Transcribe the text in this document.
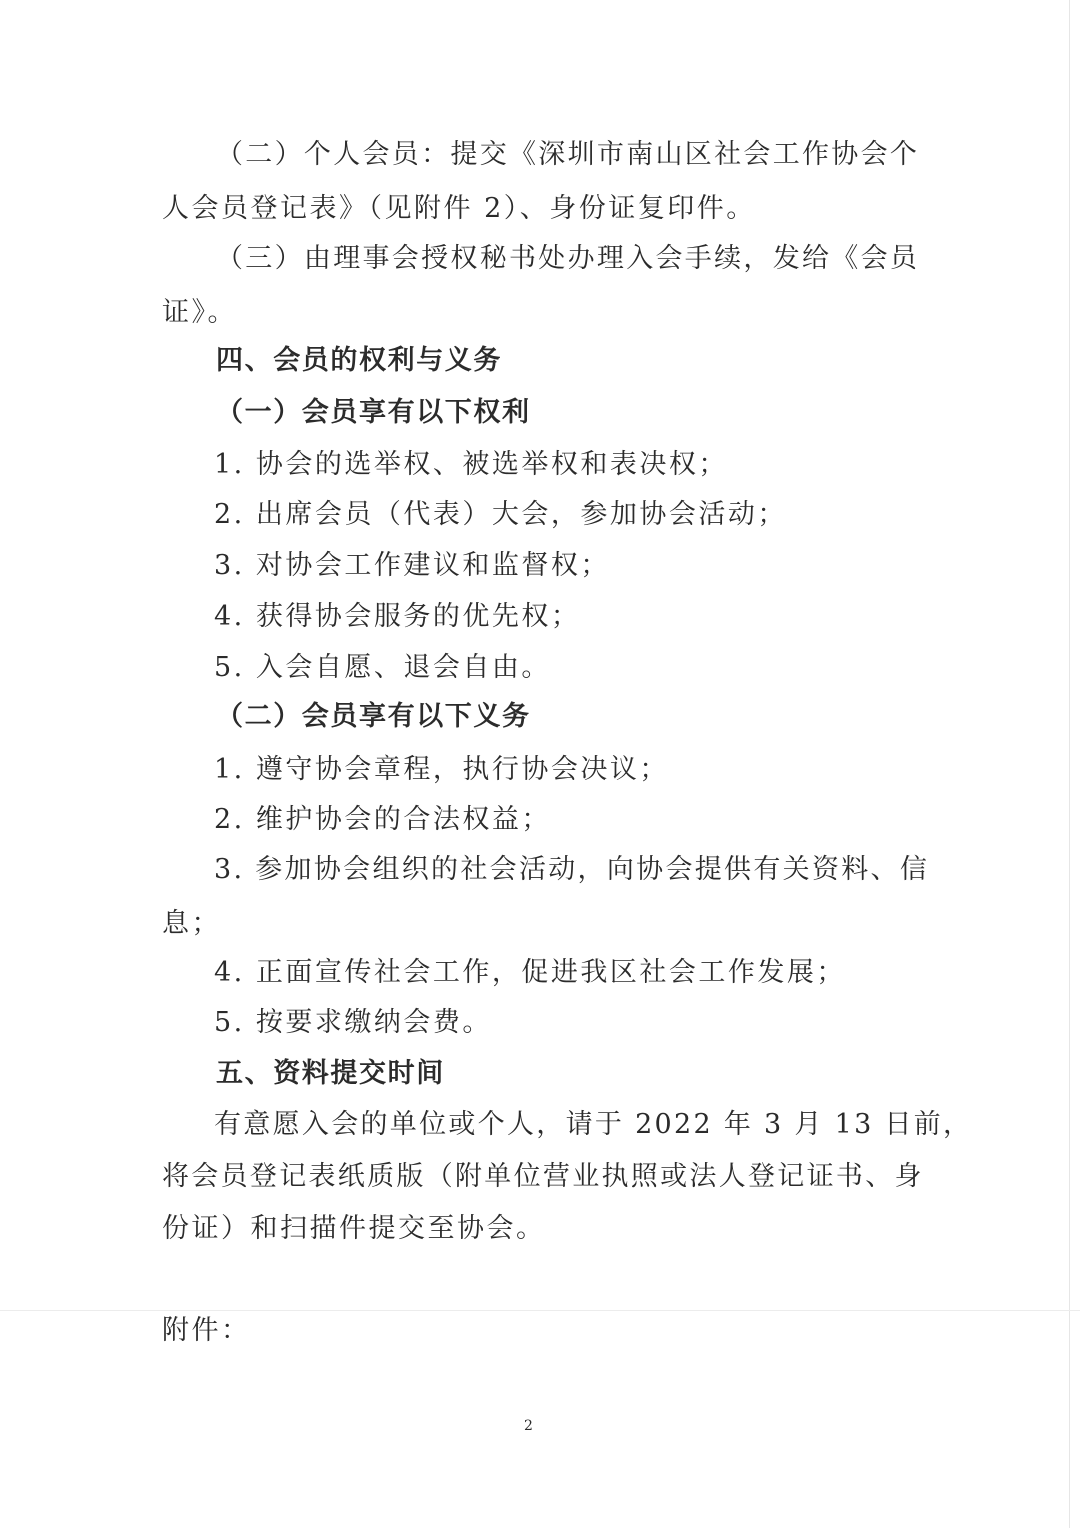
（二）个人会员：提交《深圳市南山区社会工作协会个
人会员登记表》（见附件 2）、身份证复印件。
（三）由理事会授权秘书处办理入会手续，发给《会员
证》。
四、会员的权利与义务
（一）会员享有以下权利
1. 协会的选举权、被选举权和表决权；
2. 出席会员（代表）大会，参加协会活动；
3. 对协会工作建议和监督权；
4. 获得协会服务的优先权；
5. 入会自愿、退会自由。
（二）会员享有以下义务
1. 遵守协会章程，执行协会决议；
2. 维护协会的合法权益；
3. 参加协会组织的社会活动，向协会提供有关资料、信
息；
4. 正面宣传社会工作，促进我区社会工作发展；
5. 按要求缴纳会费。
五、资料提交时间
有意愿入会的单位或个人，请于 2022 年 3 月 13 日前，
将会员登记表纸质版（附单位营业执照或法人登记证书、身
份证）和扫描件提交至协会。
附件：
2
